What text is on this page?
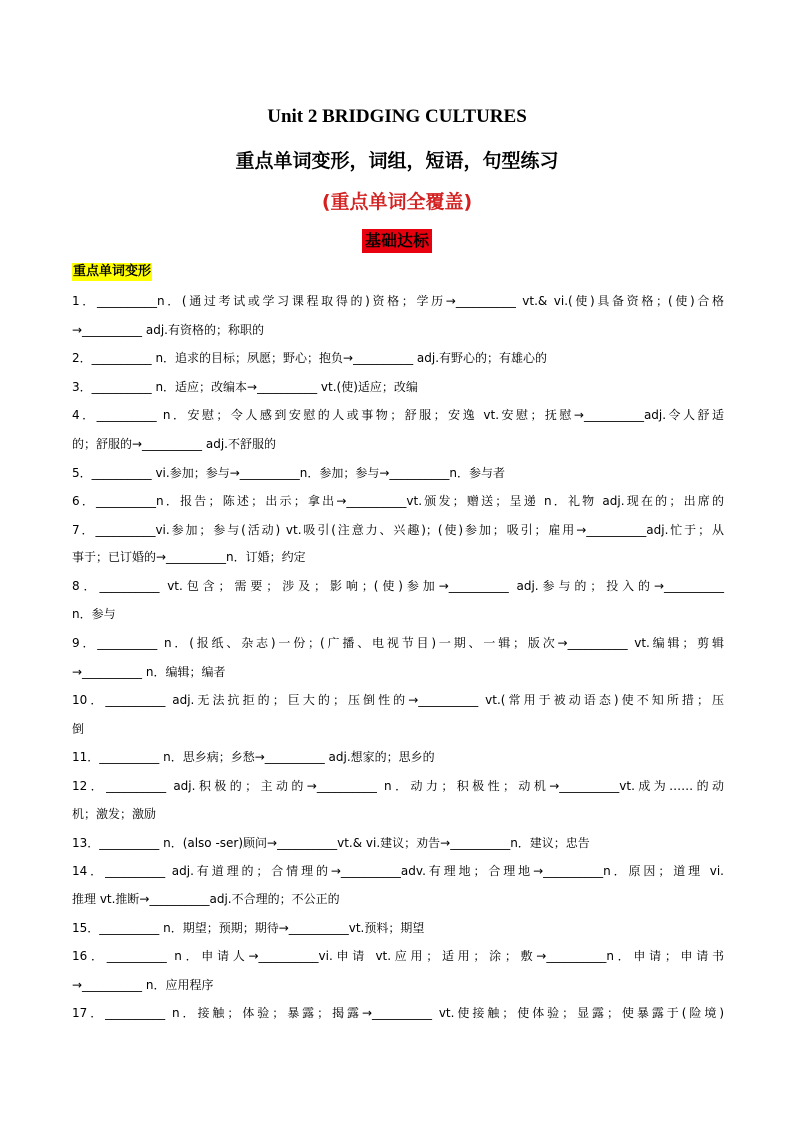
Unit 2 BRIDGING CULTURES
重点单词变形，词组，短语，句型练习
(重点单词全覆盖)
基础达标
重点单词变形
1．__________n．(通过考试或学习课程取得的)资格；学历→__________ vt.& vi.(使)具备资格；(使)合格
→__________ adj.有资格的；称职的
2．__________ n．追求的目标；夙愿；野心；抱负→__________ adj.有野心的；有雄心的
3．__________ n．适应；改编本→__________ vt.(使)适应；改编
4．__________ n．安慰；令人感到安慰的人或事物；舒服；安逸 vt.安慰；抚慰→__________adj.令人舒适
的；舒服的→__________ adj.不舒服的
5．__________ vi.参加；参与→__________n．参加；参与→__________n．参与者
6．__________n．报告；陈述；出示；拿出→__________vt.颁发；赠送；呈递 n．礼物 adj.现在的；出席的
7．__________vi.参加；参与(活动) vt.吸引(注意力、兴趣)；(使)参加；吸引；雇用→__________adj.忙于；从
事于；已订婚的→__________n．订婚；约定
8．__________ vt.包含；需要；涉及；影响；(使)参加→__________ adj.参与的；投入的→__________
n．参与
9．__________ n．(报纸、杂志)一份；(广播、电视节目)一期、一辑；版次→__________ vt.编辑；剪辑
→__________ n．编辑；编者
10．__________ adj.无法抗拒的；巨大的；压倒性的→__________ vt.(常用于被动语态)使不知所措；压
倒
11．__________ n．思乡病；乡愁→__________ adj.想家的；思乡的
12．__________ adj.积极的；主动的→__________ n．动力；积极性；动机→__________vt.成为……的动
机；激发；激励
13．__________ n．(also -ser)顾问→__________vt.& vi.建议；劝告→__________n．建议；忠告
14．__________ adj.有道理的；合情理的→__________adv.有理地；合理地→__________n．原因；道理 vi.
推理 vt.推断→__________adj.不合理的；不公正的
15．__________ n．期望；预期；期待→__________vt.预料；期望
16．__________ n．申请人→__________vi.申请 vt.应用；适用；涂；敷→__________n．申请；申请书
→__________ n．应用程序
17．__________ n．接触；体验；暴露；揭露→__________ vt.使接触；使体验；显露；使暴露于(险境)
